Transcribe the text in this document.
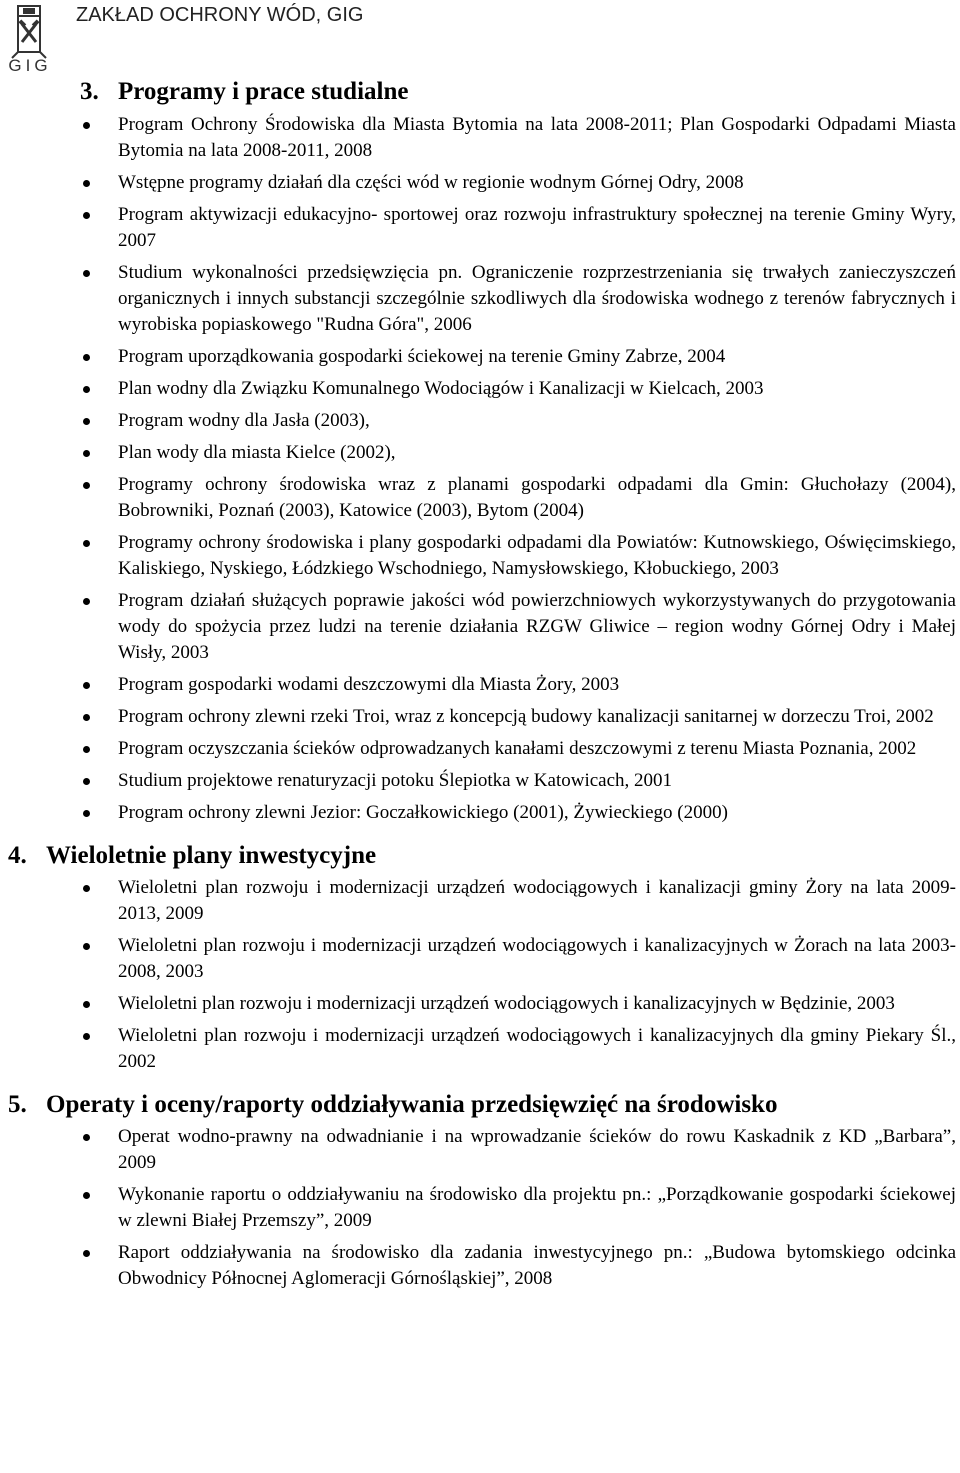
GIG
ZAKŁAD OCHRONY WÓD, GIG
3. Programy i prace studialne
Program Ochrony Środowiska dla Miasta Bytomia na lata 2008-2011; Plan Gospodarki Odpadami Miasta Bytomia na lata 2008-2011, 2008
Wstępne programy działań dla części wód w regionie wodnym Górnej Odry, 2008
Program aktywizacji edukacyjno- sportowej oraz rozwoju infrastruktury społecznej na terenie Gminy Wyry, 2007
Studium wykonalności przedsięwzięcia pn. Ograniczenie rozprzestrzeniania się trwałych zanieczyszczeń organicznych i innych substancji szczególnie szkodliwych dla środowiska wodnego z terenów fabrycznych i wyrobiska popiaskowego "Rudna Góra", 2006
Program uporządkowania gospodarki ściekowej na terenie Gminy Zabrze, 2004
Plan wodny dla Związku Komunalnego Wodociągów i Kanalizacji w Kielcach, 2003
Program wodny dla Jasła (2003),
Plan wody dla miasta Kielce (2002),
Programy ochrony środowiska wraz z planami gospodarki odpadami dla Gmin: Głuchołazy (2004), Bobrowniki, Poznań (2003), Katowice (2003), Bytom (2004)
Programy ochrony środowiska i plany gospodarki odpadami dla Powiatów: Kutnowskiego, Oświęcimskiego, Kaliskiego, Nyskiego, Łódzkiego Wschodniego, Namysłowskiego, Kłobuckiego, 2003
Program działań służących poprawie jakości wód powierzchniowych wykorzystywanych do przygotowania wody do spożycia przez ludzi na terenie działania RZGW Gliwice – region wodny Górnej Odry i Małej Wisły, 2003
Program gospodarki wodami deszczowymi dla Miasta Żory, 2003
Program ochrony zlewni rzeki Troi, wraz z koncepcją budowy kanalizacji sanitarnej w dorzeczu Troi, 2002
Program oczyszczania ścieków odprowadzanych kanałami deszczowymi z terenu Miasta Poznania, 2002
Studium projektowe renaturyzacji potoku Ślepiotka w Katowicach, 2001
Program ochrony zlewni Jezior: Goczałkowickiego (2001), Żywieckiego (2000)
4. Wieloletnie plany inwestycyjne
Wieloletni plan rozwoju i modernizacji urządzeń wodociągowych i kanalizacji gminy Żory na lata 2009-2013, 2009
Wieloletni plan rozwoju i modernizacji urządzeń wodociągowych i kanalizacyjnych w Żorach na lata 2003-2008, 2003
Wieloletni plan rozwoju i modernizacji urządzeń wodociągowych i kanalizacyjnych w Będzinie, 2003
Wieloletni plan rozwoju i modernizacji urządzeń wodociągowych i kanalizacyjnych dla gminy Piekary Śl., 2002
5. Operaty i oceny/raporty oddziaływania przedsięwzięć na środowisko
Operat wodno-prawny na odwadnianie i na wprowadzanie ścieków do rowu Kaskadnik z KD „Barbara”, 2009
Wykonanie raportu o oddziaływaniu na środowisko dla projektu pn.: „Porządkowanie gospodarki ściekowej w zlewni Białej Przemszy”, 2009
Raport oddziaływania na środowisko dla zadania inwestycyjnego pn.: „Budowa bytomskiego odcinka Obwodnicy Północnej Aglomeracji Górnośląskiej”, 2008
